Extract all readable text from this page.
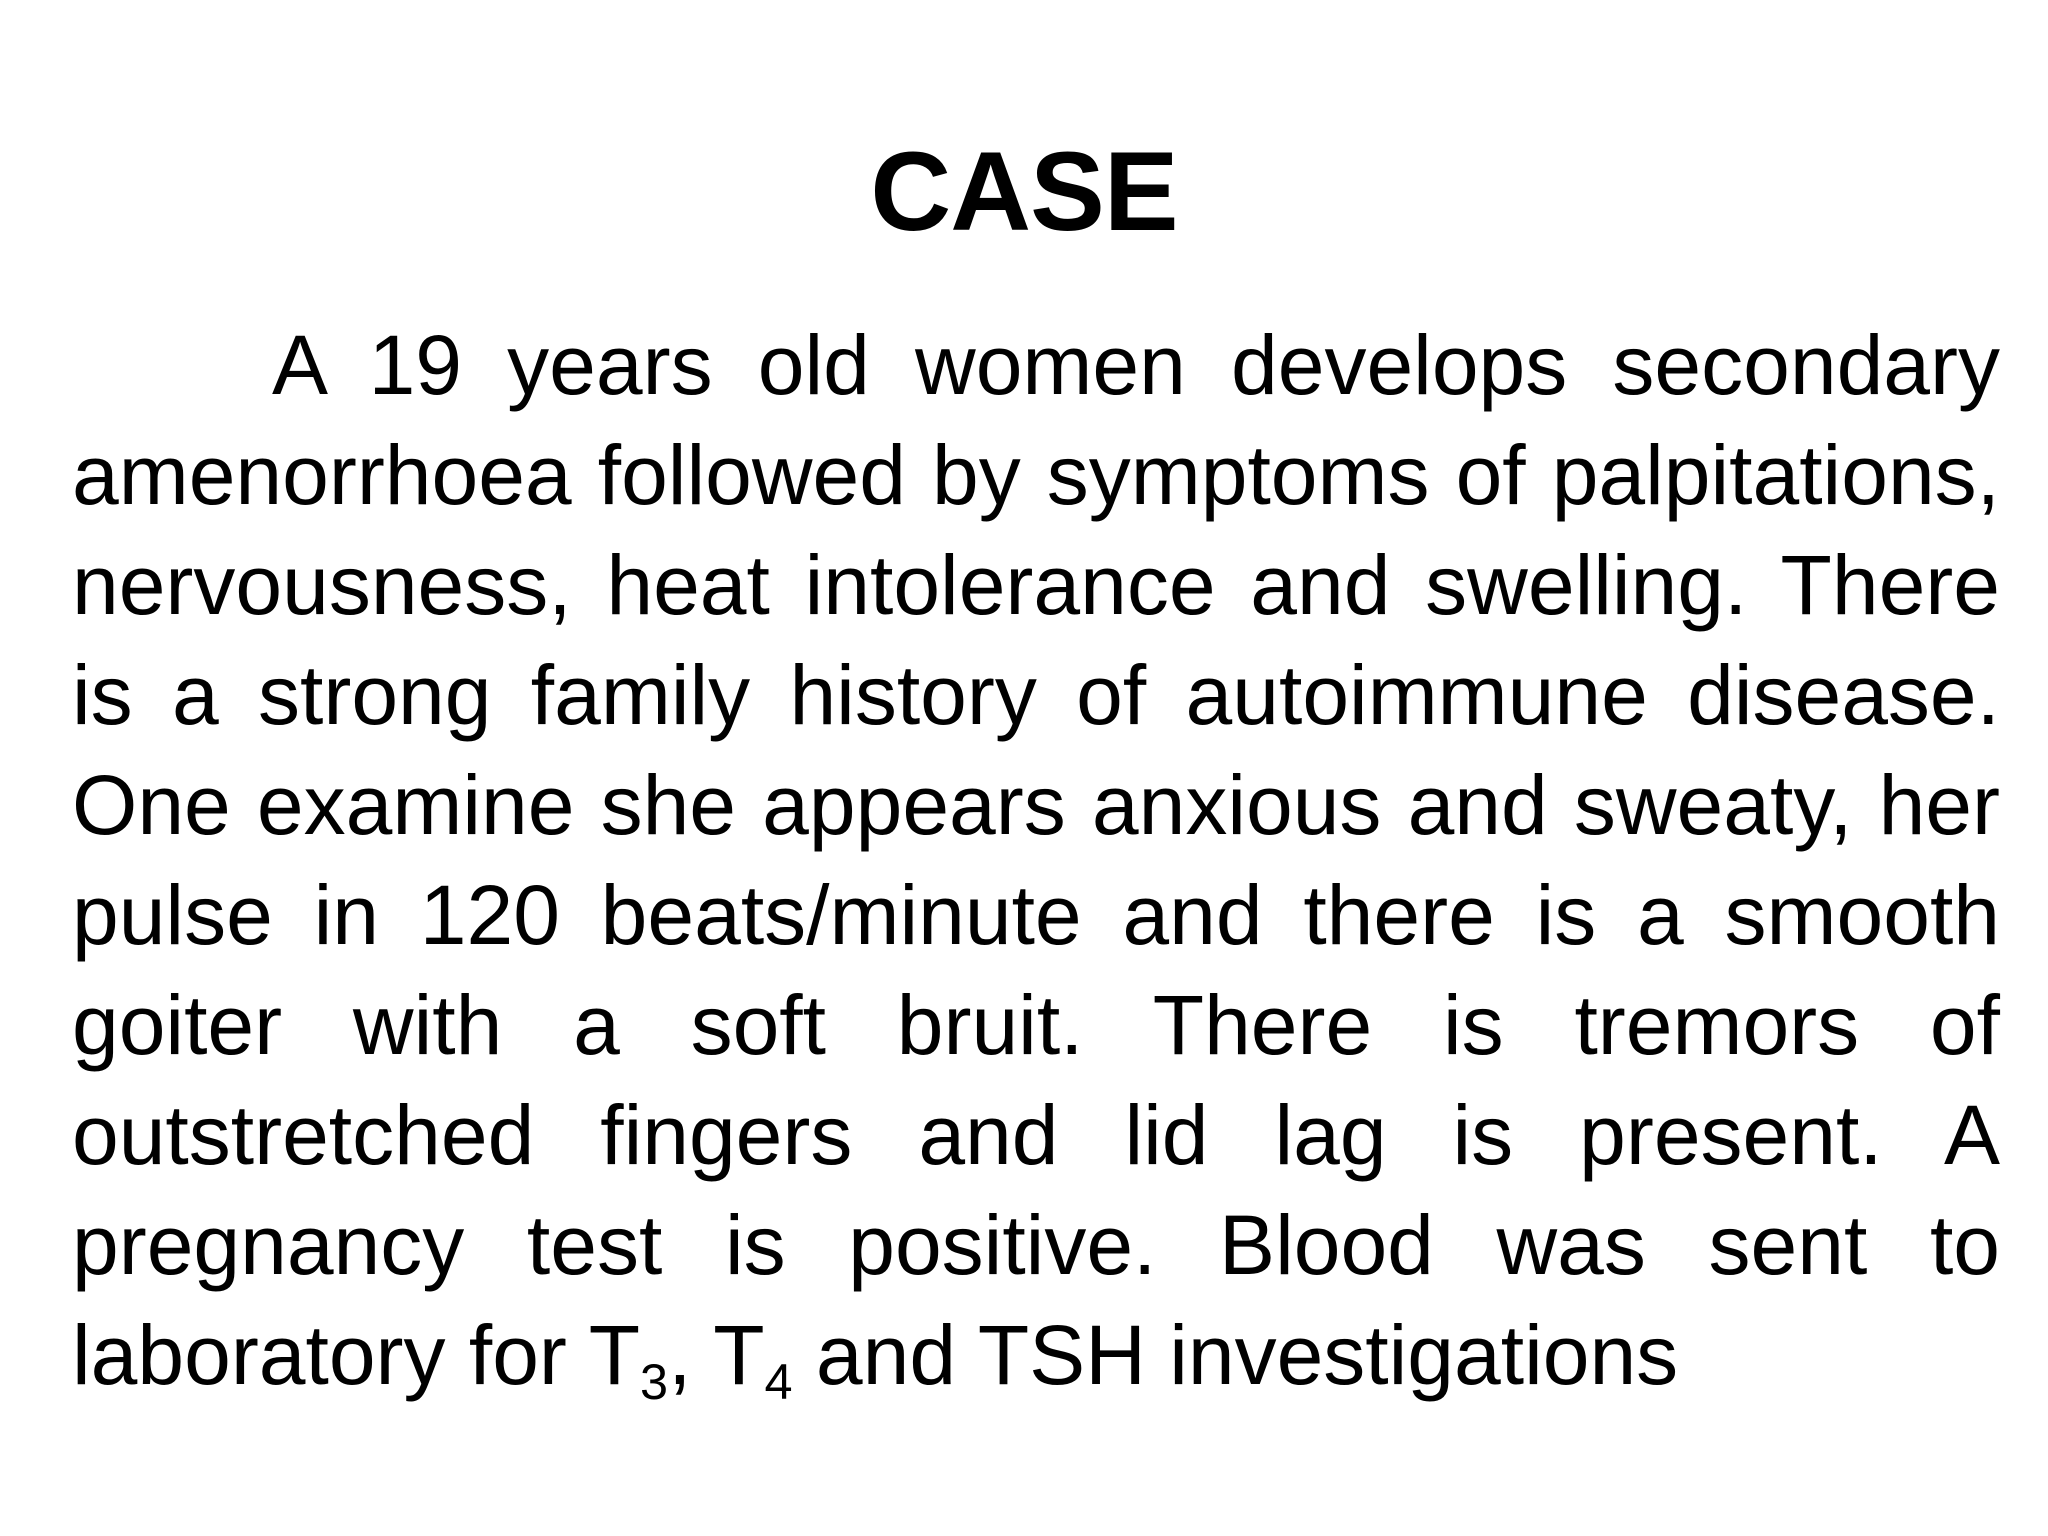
CASE
A 19 years old women develops secondary amenorrhoea followed by symptoms of palpitations, nervousness, heat intolerance and swelling. There is a strong family history of autoimmune disease. One examine she appears anxious and sweaty, her pulse in 120 beats/minute and there is a smooth goiter with a soft bruit. There is tremors of outstretched fingers and lid lag is present. A pregnancy test is positive. Blood was sent to laboratory for $T_3$, $T_4$ and TSH investigations
